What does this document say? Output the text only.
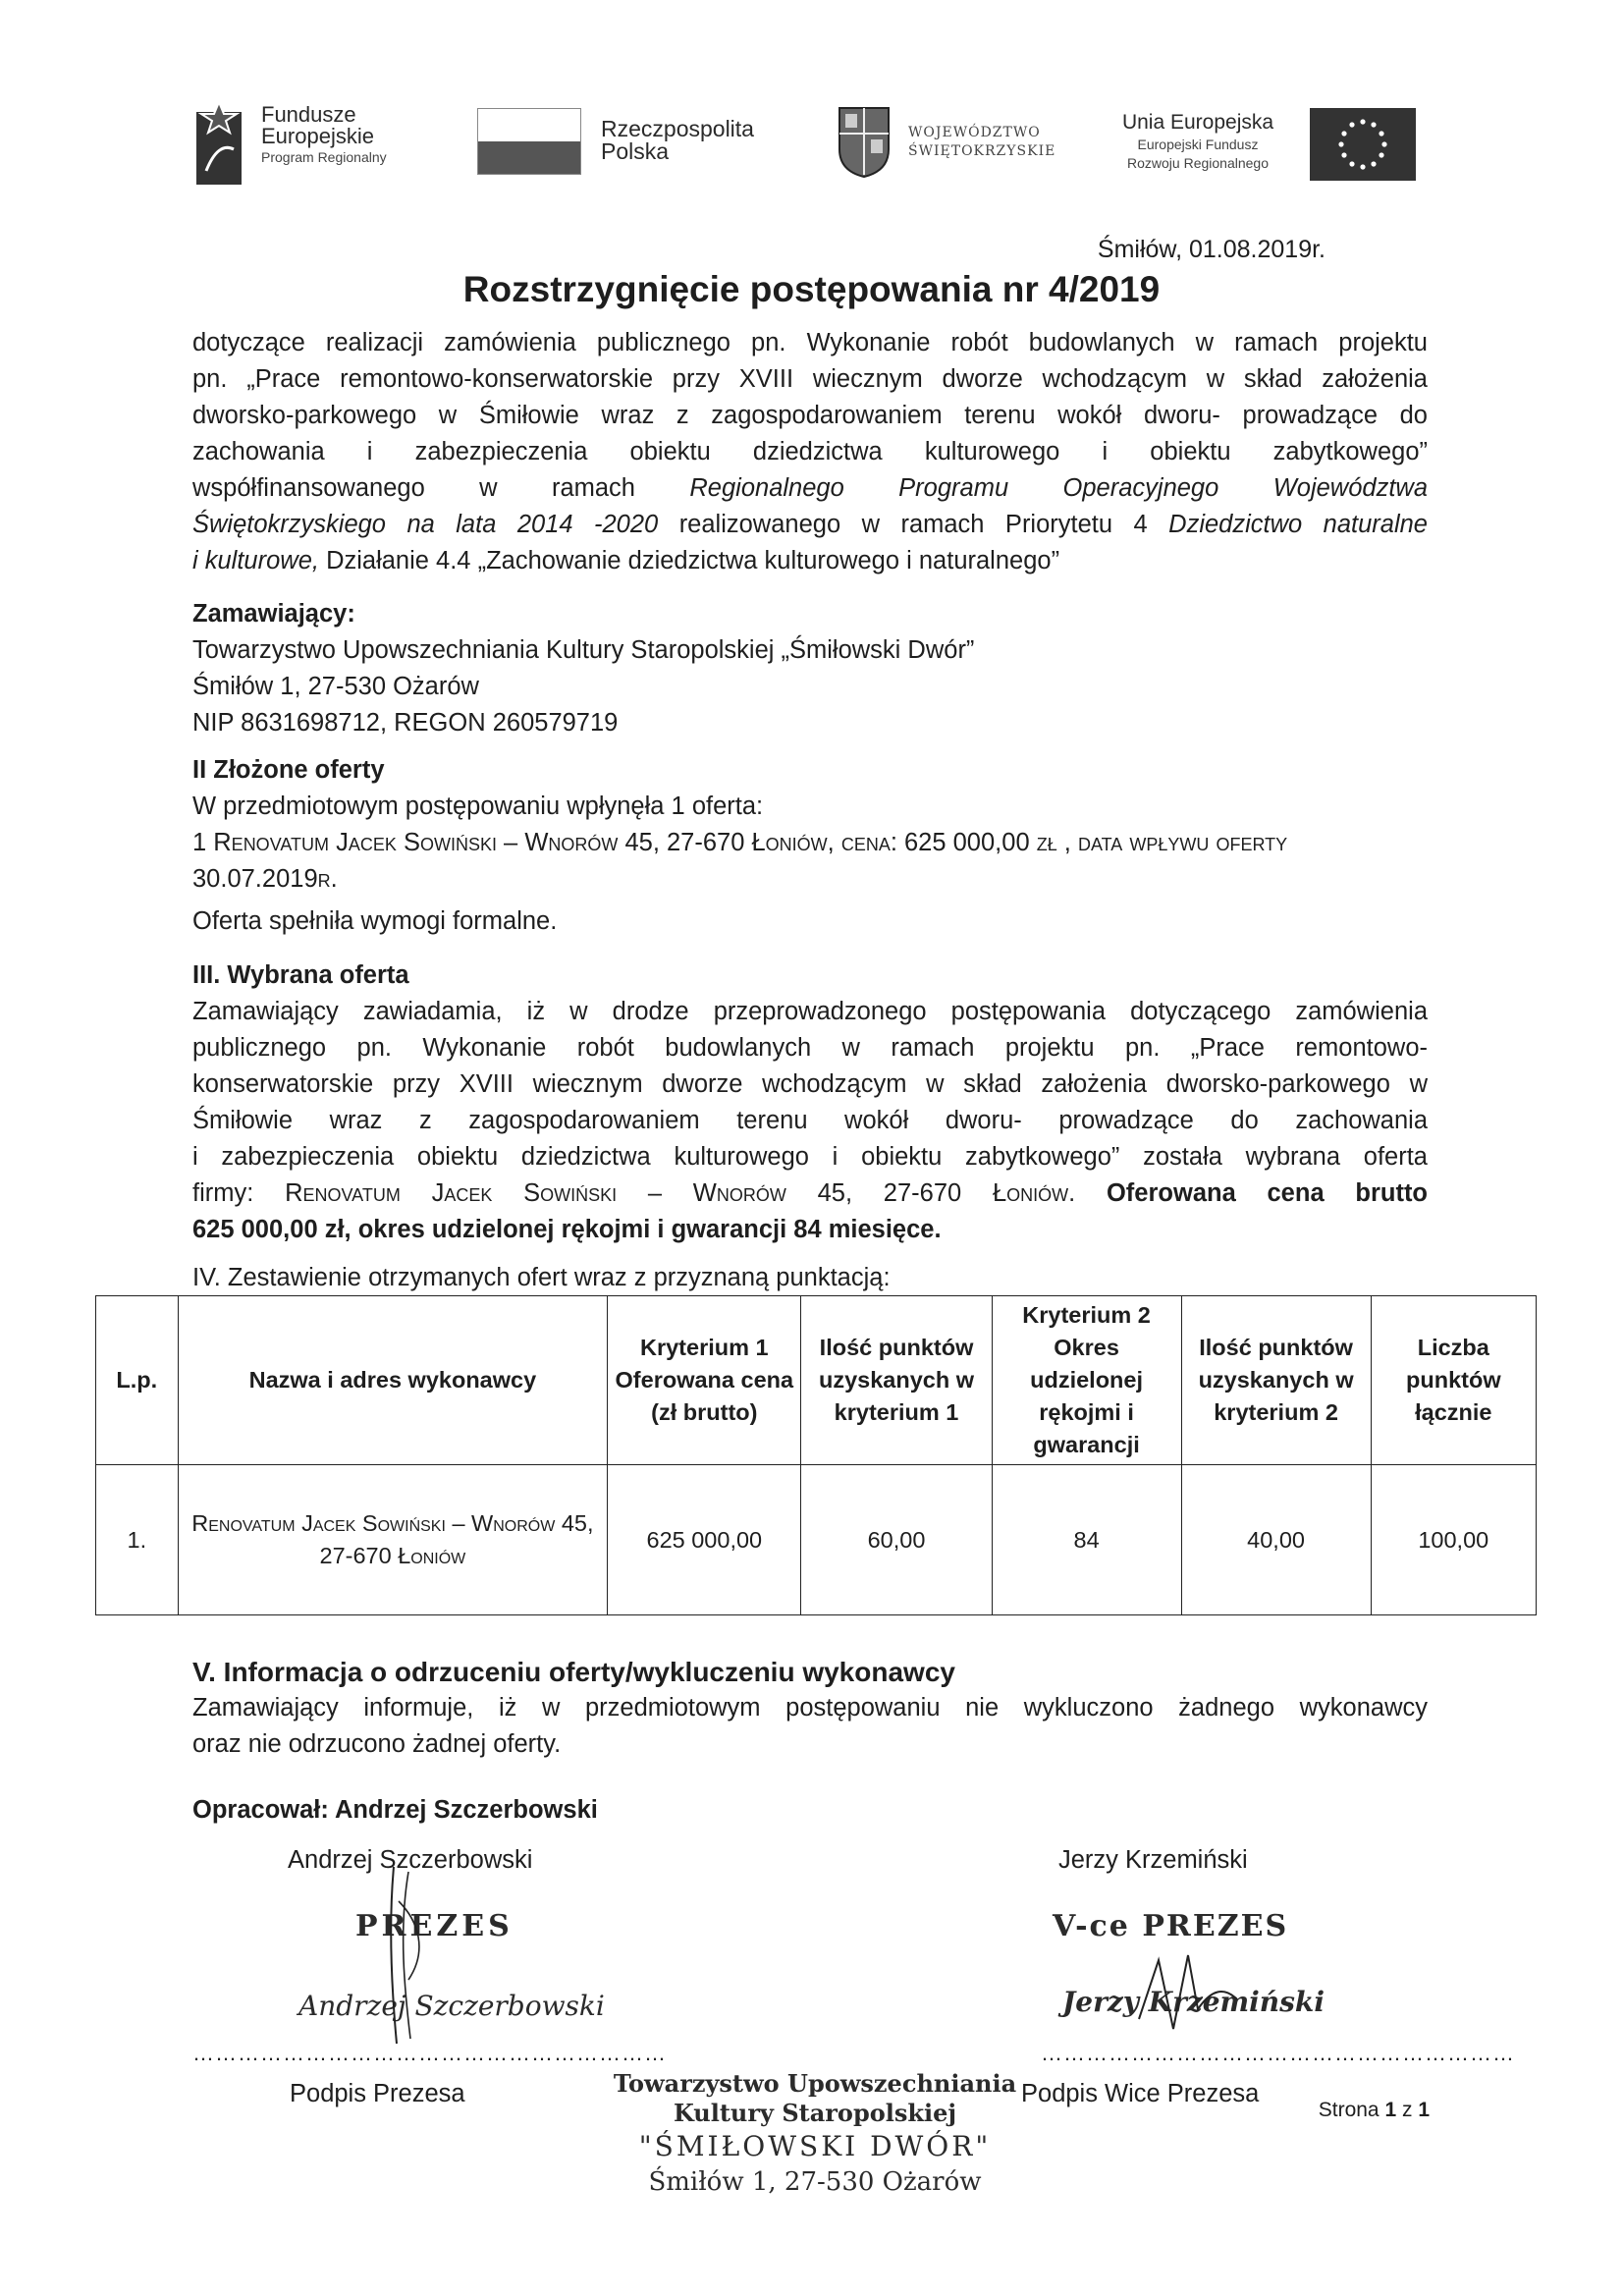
Fundusze
Europejskie
Program Regionalny
Rzeczpospolita
Polska
WOJEWÓDZTWO
ŚWIĘTOKRZYSKIE
Unia Europejska
Europejski Fundusz
Rozwoju Regionalnego
Śmiłów, 01.08.2019r.
Rozstrzygnięcie postępowania nr 4/2019
dotyczące realizacji zamówienia publicznego pn. Wykonanie robót budowlanych w ramach projektu
pn. „Prace remontowo-konserwatorskie przy XVIII wiecznym dworze wchodzącym w skład założenia
dworsko-parkowego w Śmiłowie wraz z zagospodarowaniem terenu wokół dworu- prowadzące do
zachowania i zabezpieczenia obiektu dziedzictwa kulturowego i obiektu zabytkowego”
współfinansowanego w ramach Regionalnego Programu Operacyjnego Województwa
Świętokrzyskiego na lata 2014 -2020 realizowanego w ramach Priorytetu 4 Dziedzictwo naturalne
i kulturowe, Działanie 4.4 „Zachowanie dziedzictwa kulturowego i naturalnego”
Zamawiający:
Towarzystwo Upowszechniania Kultury Staropolskiej „Śmiłowski Dwór”
Śmiłów 1, 27-530 Ożarów
NIP 8631698712, REGON 260579719
II Złożone oferty
W przedmiotowym postępowaniu wpłynęła 1 oferta:
1 Renovatum Jacek Sowiński – Wnorów 45, 27-670 Łoniów, cena: 625 000,00 zł , data wpływu oferty
30.07.2019r.
Oferta spełniła wymogi formalne.
III. Wybrana oferta
Zamawiający zawiadamia, iż w drodze przeprowadzonego postępowania dotyczącego zamówienia
publicznego pn. Wykonanie robót budowlanych w ramach projektu pn. „Prace remontowo-
konserwatorskie przy XVIII wiecznym dworze wchodzącym w skład założenia dworsko-parkowego w
Śmiłowie wraz z zagospodarowaniem terenu wokół dworu- prowadzące do zachowania
i zabezpieczenia obiektu dziedzictwa kulturowego i obiektu zabytkowego” została wybrana oferta
firmy: Renovatum Jacek Sowiński – Wnorów 45, 27-670 Łoniów. Oferowana cena brutto
625 000,00 zł, okres udzielonej rękojmi i gwarancji 84 miesięce.
IV. Zestawienie otrzymanych ofert wraz z przyznaną punktacją:
L.p.	Nazwa i adres wykonawcy	Kryterium 1 Oferowana cena (zł brutto)	Ilość punktów uzyskanych w kryterium 1	Kryterium 2 Okres udzielonej rękojmi i gwarancji	Ilość punktów uzyskanych w kryterium 2	Liczba punktów łącznie
1.	Renovatum Jacek Sowiński – Wnorów 45, 27-670 Łoniów	625 000,00	60,00	84	40,00	100,00
V. Informacja o odrzuceniu oferty/wykluczeniu wykonawcy
Zamawiający informuje, iż w przedmiotowym postępowaniu nie wykluczono żadnego wykonawcy
oraz nie odrzucono żadnej oferty.
Opracował: Andrzej Szczerbowski
Andrzej Szczerbowski
PREZES
Andrzej Szczerbowski
………………………………………………………
Podpis Prezesa
Jerzy Krzemiński
V-ce PREZES
Jerzy Krzemiński
………………………………………………………
Podpis Wice Prezesa
Towarzystwo Upowszechniania
Kultury Staropolskiej
"ŚMIŁOWSKI DWÓR"
Śmiłów 1, 27-530 Ożarów
Strona 1 z 1
